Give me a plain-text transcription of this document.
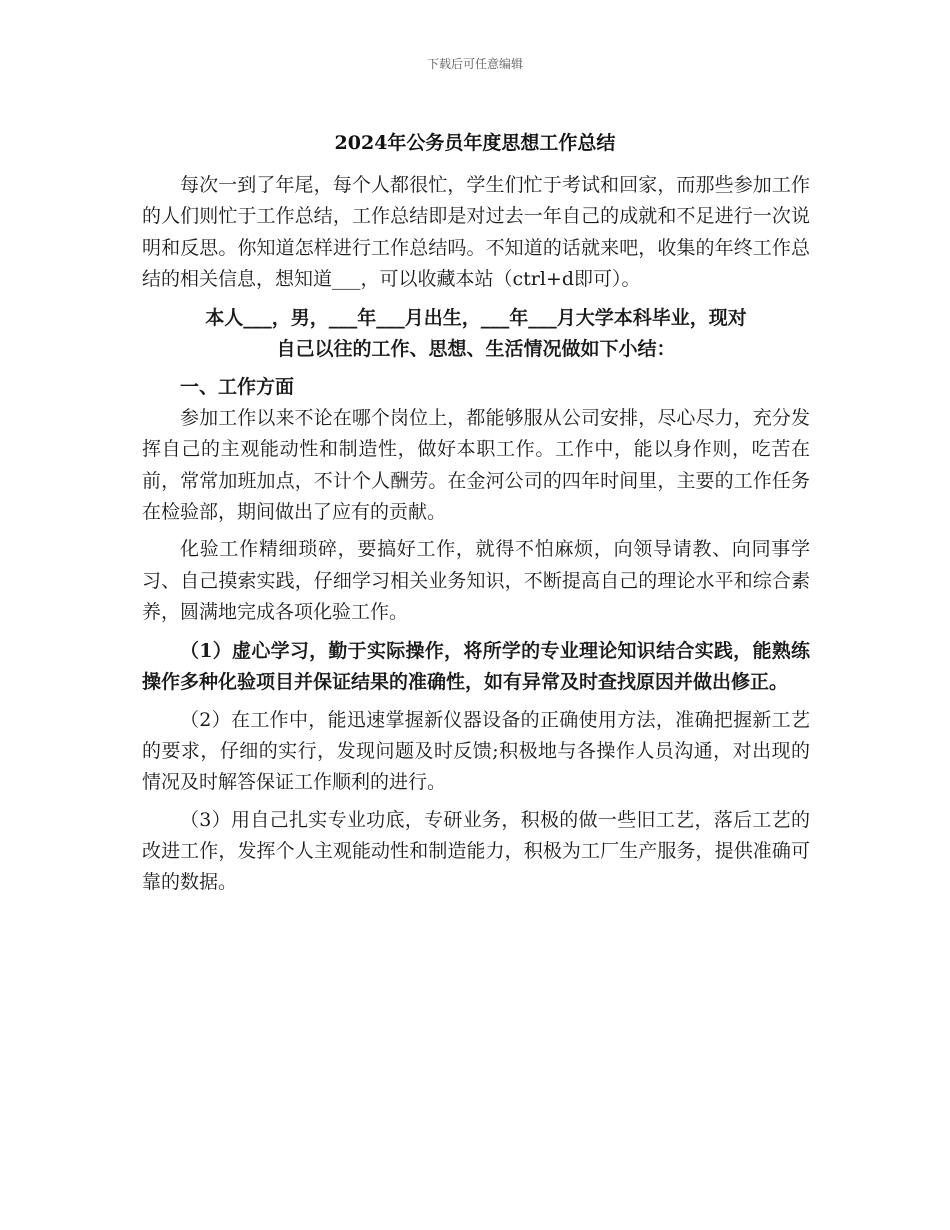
下载后可任意编辑
2024年公务员年度思想工作总结

每次一到了年尾，每个人都很忙，学生们忙于考试和回家，而那些参加工作的人们则忙于工作总结，工作总结即是对过去一年自己的成就和不足进行一次说明和反思。你知道怎样进行工作总结吗。不知道的话就来吧，收集的年终工作总结的相关信息，想知道___，可以收藏本站（ctrl+d即可）。

本人___，男，___年___月出生，___年___月大学本科毕业，现对

自己以往的工作、思想、生活情况做如下小结：

一、工作方面

参加工作以来不论在哪个岗位上，都能够服从公司安排，尽心尽力，充分发挥自己的主观能动性和制造性，做好本职工作。工作中，能以身作则，吃苦在前，常常加班加点，不计个人酬劳。在金河公司的四年时间里，主要的工作任务在检验部，期间做出了应有的贡献。

化验工作精细琐碎，要搞好工作，就得不怕麻烦，向领导请教、向同事学习、自己摸索实践，仔细学习相关业务知识，不断提高自己的理论水平和综合素养，圆满地完成各项化验工作。

（1）虚心学习，勤于实际操作，将所学的专业理论知识结合实践，能熟练操作多种化验项目并保证结果的准确性，如有异常及时查找原因并做出修正。

（2）在工作中，能迅速掌握新仪器设备的正确使用方法，准确把握新工艺的要求，仔细的实行，发现问题及时反馈;积极地与各操作人员沟通，对出现的情况及时解答保证工作顺利的进行。

（3）用自己扎实专业功底，专研业务，积极的做一些旧工艺，落后工艺的改进工作，发挥个人主观能动性和制造能力，积极为工厂生产服务，提供准确可靠的数据。
